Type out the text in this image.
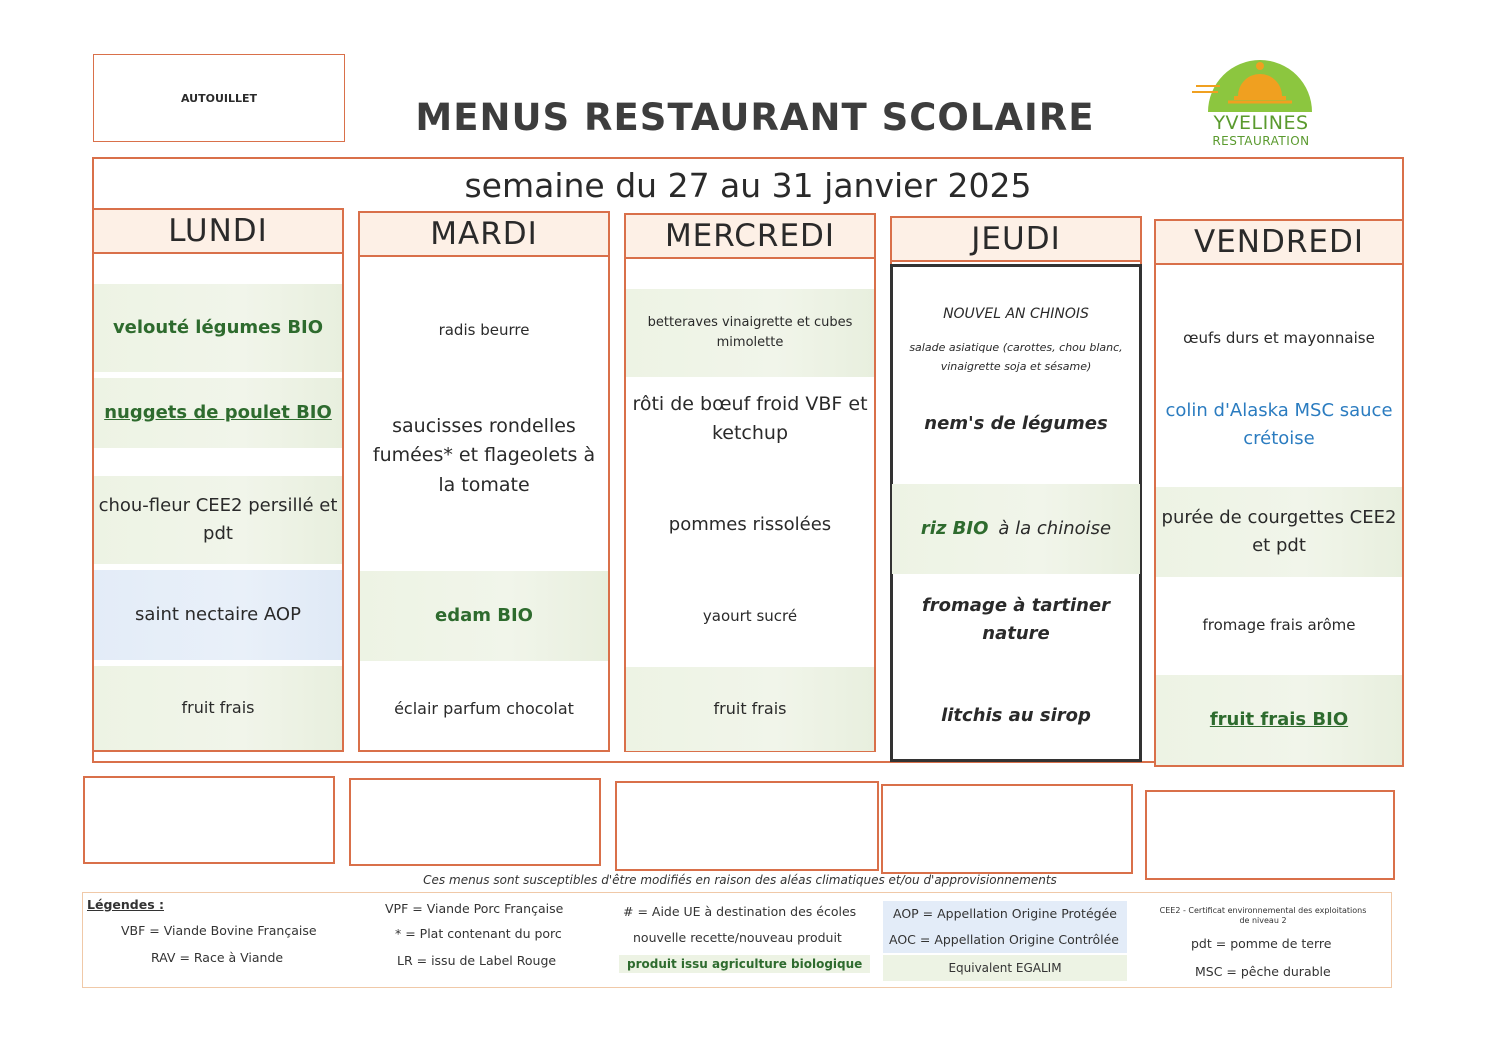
AUTOUILLET	MENUS RESTAURANT SCOLAIRE	YVELINES
RESTAURATION
semaine du 27 au 31 janvier 2025
LUNDI
velouté légumes BIO
nuggets de poulet BIO
chou-fleur CEE2 persillé et pdt
saint nectaire AOP
fruit frais
MARDI
radis beurre
saucisses rondelles fumées* et flageolets à la tomate
edam BIO
éclair parfum chocolat
MERCREDI
betteraves vinaigrette et cubes mimolette
rôti de bœuf froid VBF et ketchup
pommes rissolées
yaourt sucré
fruit frais
JEUDI
NOUVEL AN CHINOIS
salade asiatique (carottes, chou blanc, vinaigrette soja et sésame)
nem's de légumes
riz BIO à la chinoise
fromage à tartiner nature
litchis au sirop
VENDREDI
œufs durs et mayonnaise
colin d'Alaska MSC sauce crétoise
purée de courgettes CEE2 et pdt
fromage frais arôme
fruit frais BIO
Ces menus sont susceptibles d'être modifiés en raison des aléas climatiques et/ou d'approvisionnements
Légendes :
VBF = Viande Bovine Française
RAV = Race à Viande
VPF = Viande Porc Française
* = Plat contenant du porc
LR = issu de Label Rouge
# = Aide UE à destination des écoles
nouvelle recette/nouveau produit
produit issu agriculture biologique
AOP = Appellation Origine Protégée
AOC = Appellation Origine Contrôlée
Equivalent EGALIM
CEE2 - Certificat environnemental des exploitations de niveau 2
pdt = pomme de terre
MSC = pêche durable
